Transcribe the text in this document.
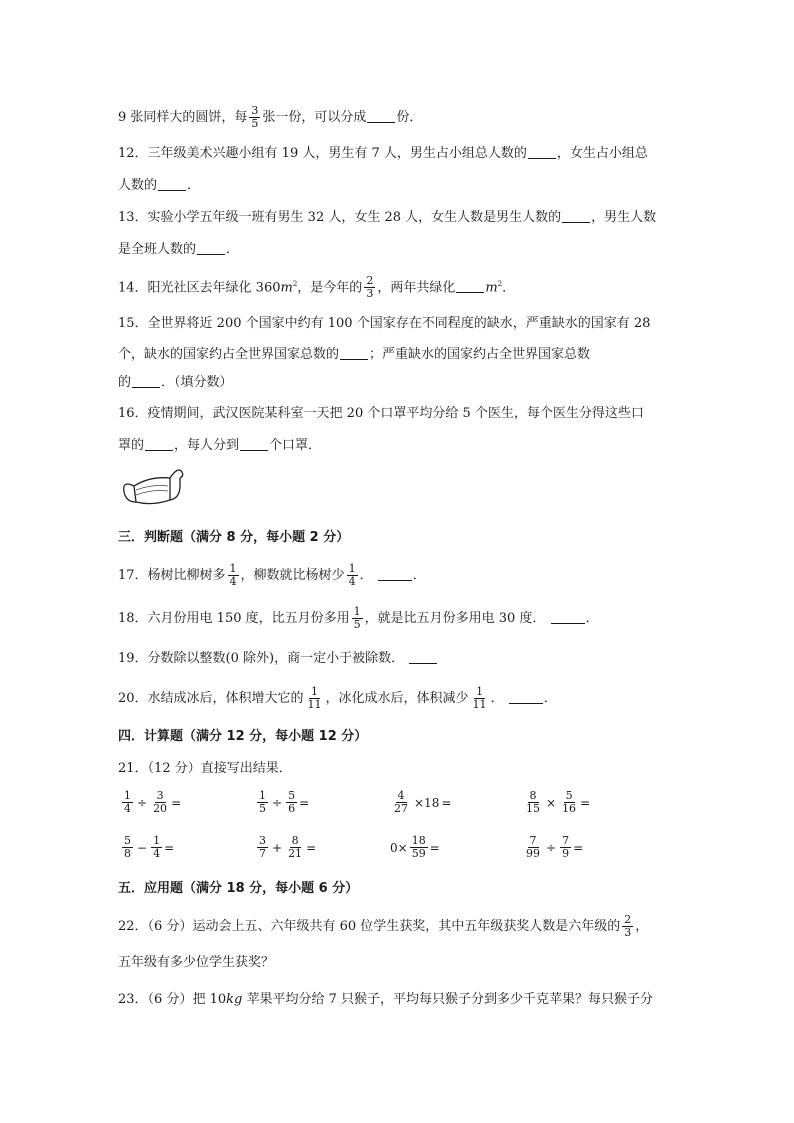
9 张同样大的圆饼，每 $\frac{3}{5}$ 张一份，可以分成 份．
12．三年级美术兴趣小组有 19 人，男生有 7 人，男生占小组总人数的 ，女生占小组总
人数的 ．
13．实验小学五年级一班有男生 32 人，女生 28 人，女生人数是男生人数的 ，男生人数
是全班人数的 ．
14．阳光社区去年绿化 $360m^2$，是今年的 $\frac{2}{3}$ ，两年共绿化 $m^2$．
15．全世界将近 200 个国家中约有 100 个国家存在不同程度的缺水，严重缺水的国家有 28
个，缺水的国家约占全世界国家总数的 ；严重缺水的国家约占全世界国家总数
的 ．（填分数）
16．疫情期间，武汉医院某科室一天把 20 个口罩平均分给 5 个医生，每个医生分得这些口
罩的 ，每人分到 个口罩．
三．判断题（满分 8 分，每小题 2 分）
17．杨树比柳树多 $\frac{1}{4}$ ，柳数就比杨树少 $\frac{1}{4}$ ．	．
18．六月份用电 150 度，比五月份多用 $\frac{1}{5}$ ，就是比五月份多用电 30 度．	．
19．分数除以整数(0 除外)，商一定小于被除数．
20．水结成冰后，体积增大它的 $\frac{1}{11}$ ，冰化成水后，体积减少 $\frac{1}{11}$ ．	．
四．计算题（满分 12 分，每小题 12 分）
21．（12 分）直接写出结果．
$\frac{1}{4} \div \frac{3}{20}$ =	$\frac{1}{5} \div \frac{5}{6}$ =	$\frac{4}{27} \times 18$ =	$\frac{8}{15} \times \frac{5}{16}$ =
$\frac{5}{8} - \frac{1}{4}$ =	$\frac{3}{7} + \frac{8}{21}$ =	$0\times \frac{18}{59}$ =	$\frac{7}{99} \div \frac{7}{9}$ =
五．应用题（满分 18 分，每小题 6 分）
22．（6 分）运动会上五、六年级共有 60 位学生获奖，其中五年级获奖人数是六年级的 $\frac{2}{3}$ ，
五年级有多少位学生获奖？
23．（6 分）把 10kg 苹果平均分给 7 只猴子，平均每只猴子分到多少千克苹果？每只猴子分
